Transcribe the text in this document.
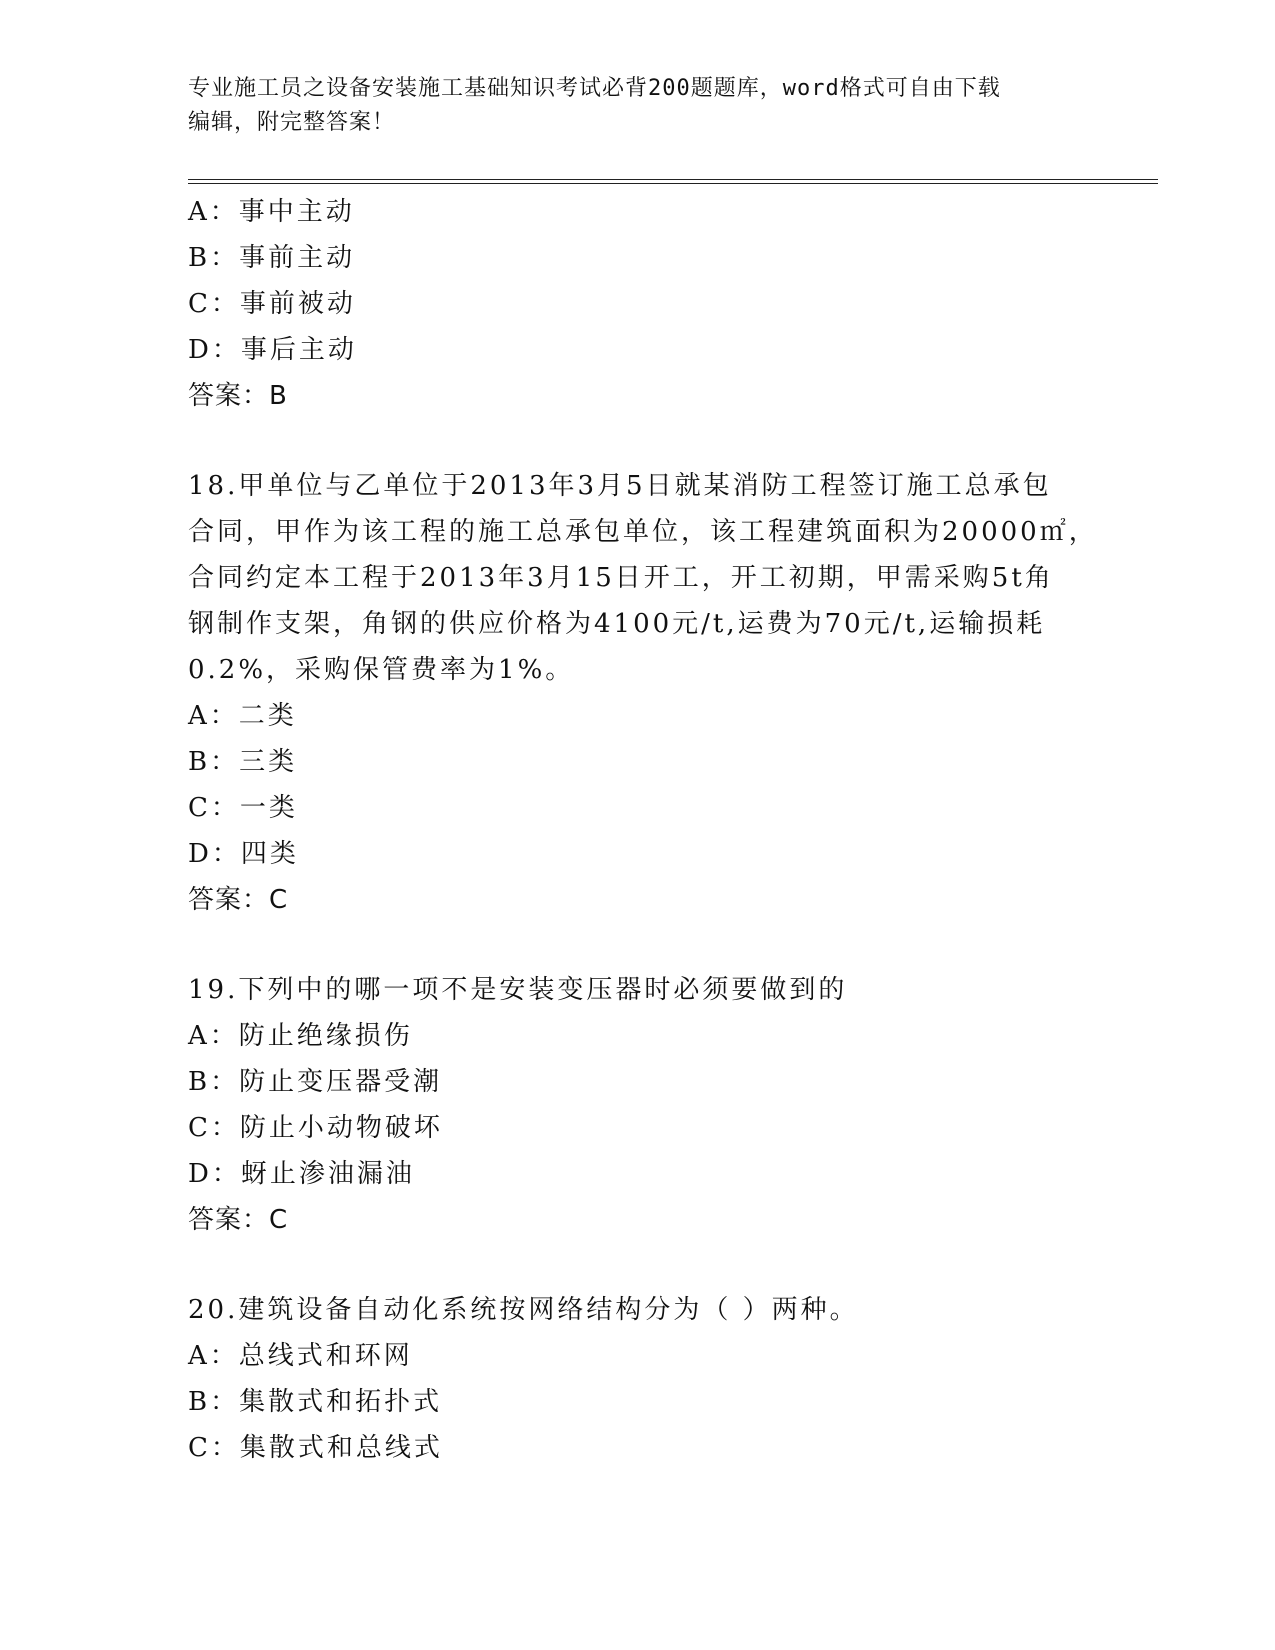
专业施工员之设备安装施工基础知识考试必背200题题库，word格式可自由下载
编辑，附完整答案！
A：事中主动
B：事前主动
C：事前被动
D：事后主动
答案：B
18.甲单位与乙单位于2013年3月5日就某消防工程签订施工总承包
合同，甲作为该工程的施工总承包单位，该工程建筑面积为20000㎡，
合同约定本工程于2013年3月15日开工，开工初期，甲需采购5t角
钢制作支架，角钢的供应价格为4100元/t,运费为70元/t,运输损耗
0.2%，采购保管费率为1%。
A：二类
B：三类
C：一类
D：四类
答案：C
19.下列中的哪一项不是安装变压器时必须要做到的
A：防止绝缘损伤
B：防止变压器受潮
C：防止小动物破坏
D：蚜止渗油漏油
答案：C
20.建筑设备自动化系统按网络结构分为（ ）两种。
A：总线式和环网
B：集散式和拓扑式
C：集散式和总线式
